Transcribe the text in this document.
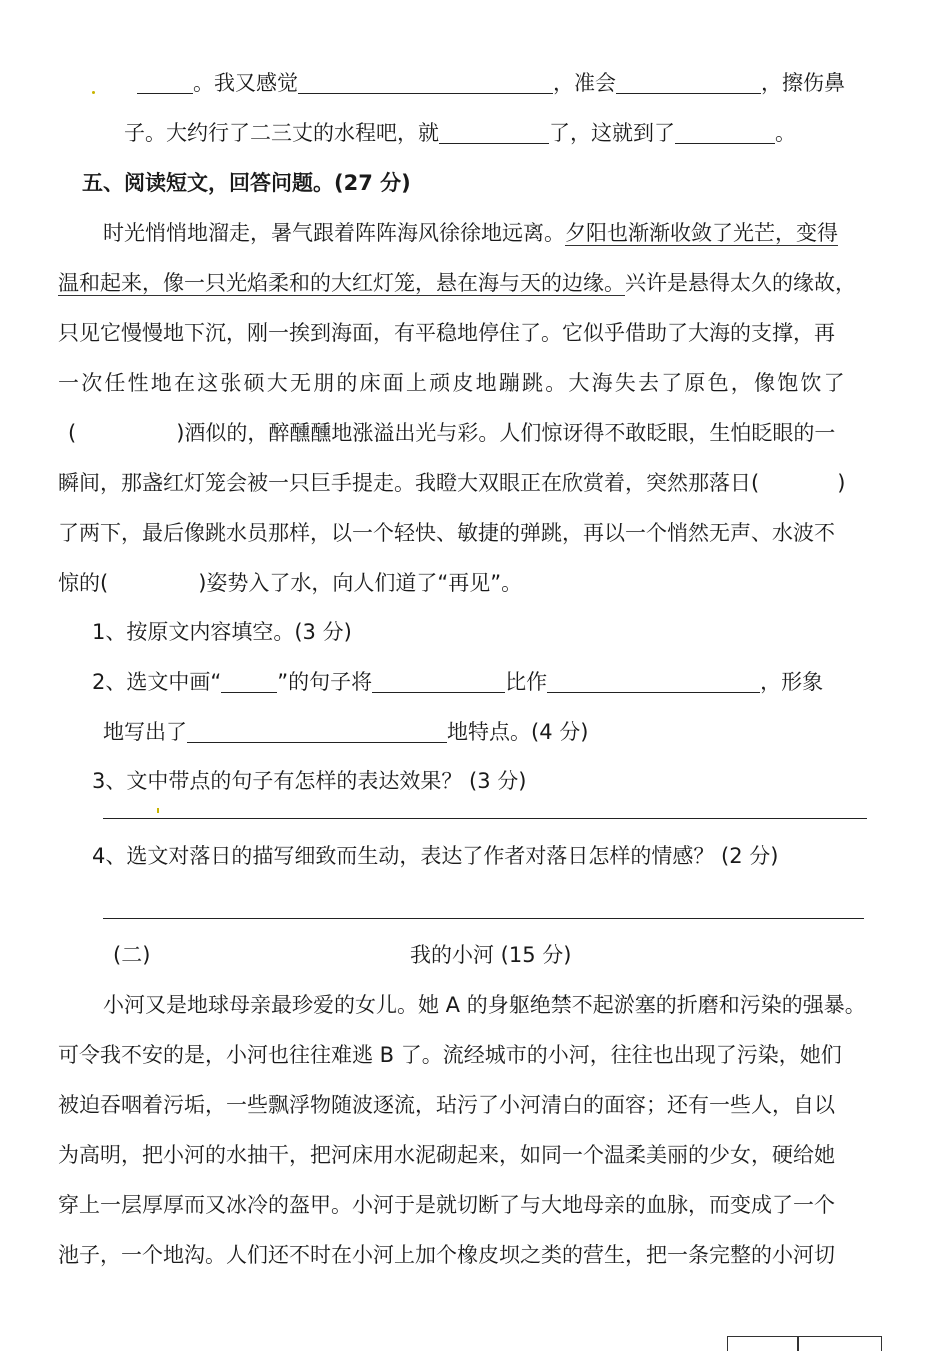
。我又感觉	，准会	，擦伤鼻
子。大约行了二三丈的水程吧，就	了，这就到了	。
五、阅读短文，回答问题。(27 分)
时光悄悄地溜走，暑气跟着阵阵海风徐徐地远离。夕阳也渐渐收敛了光芒，变得
温和起来，像一只光焰柔和的大红灯笼，悬在海与天的边缘。兴许是悬得太久的缘故，
只见它慢慢地下沉，刚一挨到海面，有平稳地停住了。它似乎借助了大海的支撑，再
一次任性地在这张硕大无朋的床面上顽皮地蹦跳。大海失去了原色，像饱饮了
(	)酒似的，醉醺醺地涨溢出光与彩。人们惊讶得不敢眨眼，生怕眨眼的一
瞬间，那盏红灯笼会被一只巨手提走。我瞪大双眼正在欣赏着，突然那落日(	)
了两下，最后像跳水员那样，以一个轻快、敏捷的弹跳，再以一个悄然无声、水波不
惊的(	)姿势入了水，向人们道了“再见”。
1、按原文内容填空。(3 分)
2、选文中画“	”的句子将	比作	，形象
地写出了	地特点。(4 分)
3、文中带点的句子有怎样的表达效果？ (3 分)
4、选文对落日的描写细致而生动，表达了作者对落日怎样的情感？ (2 分)
(二)	我的小河 (15 分)
小河又是地球母亲最珍爱的女儿。她 A 的身躯绝禁不起淤塞的折磨和污染的强暴。
可令我不安的是，小河也往往难逃 B 了。流经城市的小河，往往也出现了污染，她们
被迫吞咽着污垢，一些飘浮物随波逐流，玷污了小河清白的面容；还有一些人，自以
为高明，把小河的水抽干，把河床用水泥砌起来，如同一个温柔美丽的少女，硬给她
穿上一层厚厚而又冰冷的盔甲。小河于是就切断了与大地母亲的血脉，而变成了一个
池子，一个地沟。人们还不时在小河上加个橡皮坝之类的营生，把一条完整的小河切
